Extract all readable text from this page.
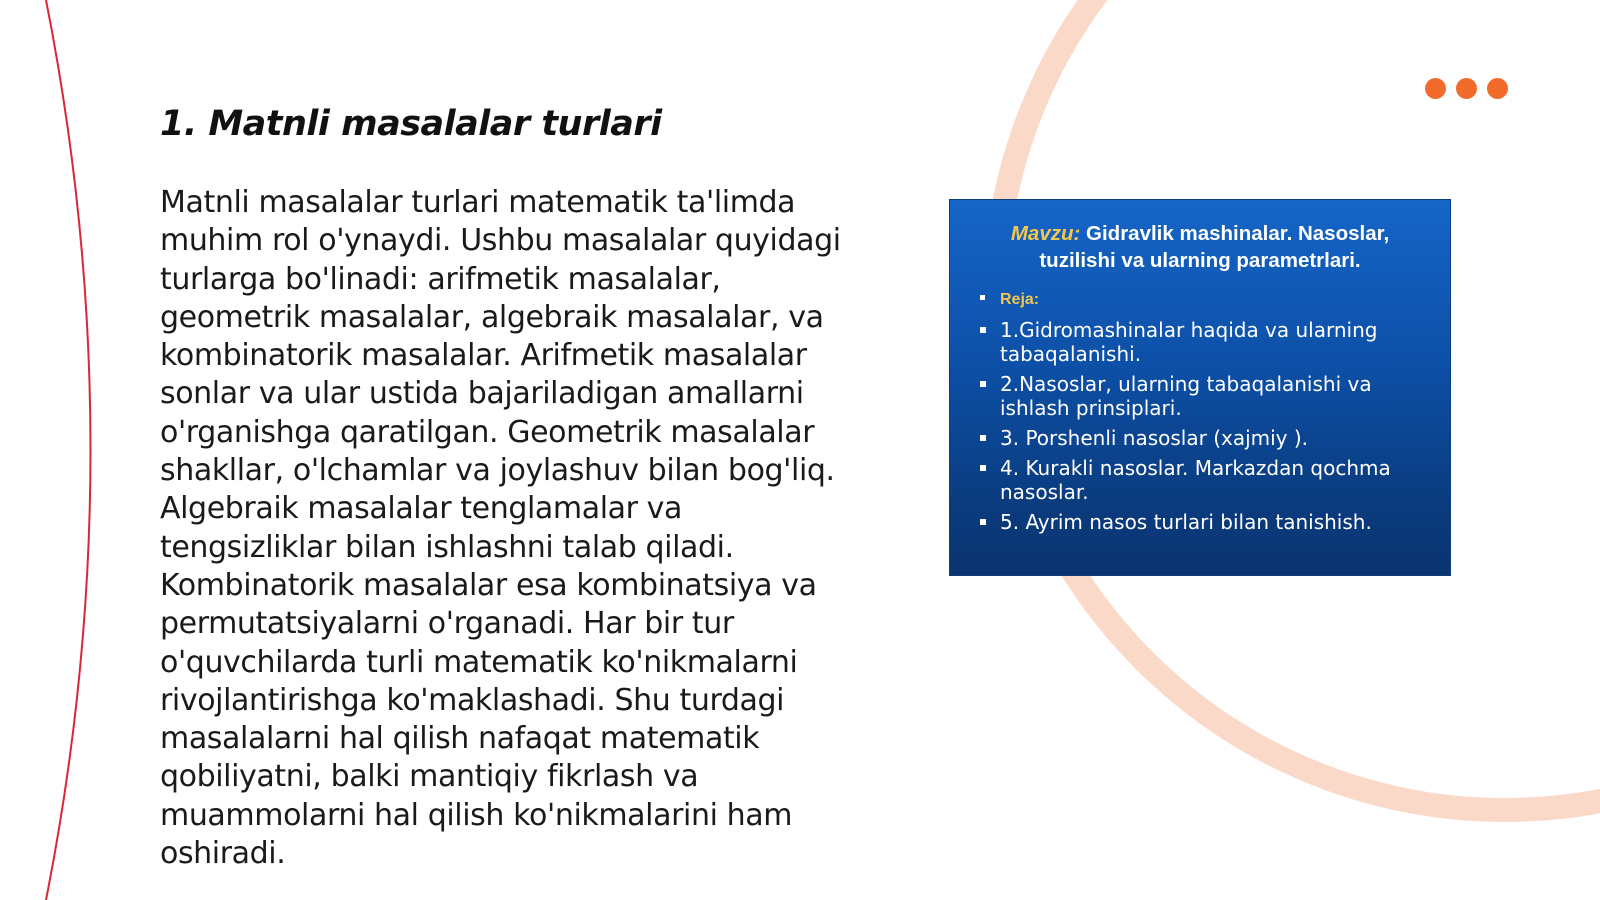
1. Matnli masalalar turlari

Matnli masalalar turlari matematik ta'limda muhim rol o'ynaydi. Ushbu masalalar quyidagi turlarga bo'linadi: arifmetik masalalar, geometrik masalalar, algebraik masalalar, va kombinatorik masalalar. Arifmetik masalalar sonlar va ular ustida bajariladigan amallarni o'rganishga qaratilgan. Geometrik masalalar shakllar, o'lchamlar va joylashuv bilan bog'liq. Algebraik masalalar tenglamalar va tengsizliklar bilan ishlashni talab qiladi. Kombinatorik masalalar esa kombinatsiya va permutatsiyalarni o'rganadi. Har bir tur o'quvchilarda turli matematik ko'nikmalarni rivojlantirishga ko'maklashadi. Shu turdagi masalalarni hal qilish nafaqat matematik qobiliyatni, balki mantiqiy fikrlash va muammolarni hal qilish ko'nikmalarini ham oshiradi.

Mavzu: Gidravlik mashinalar. Nasoslar, tuzilishi va ularning parametrlari.
Reja:
1.Gidromashinalar haqida va ularning tabaqalanishi.
2.Nasoslar, ularning tabaqalanishi va ishlash prinsiplari.
3. Porshenli nasoslar (xajmiy ).
4. Kurakli nasoslar. Markazdan qochma nasoslar.
5. Ayrim nasos turlari bilan tanishish.
